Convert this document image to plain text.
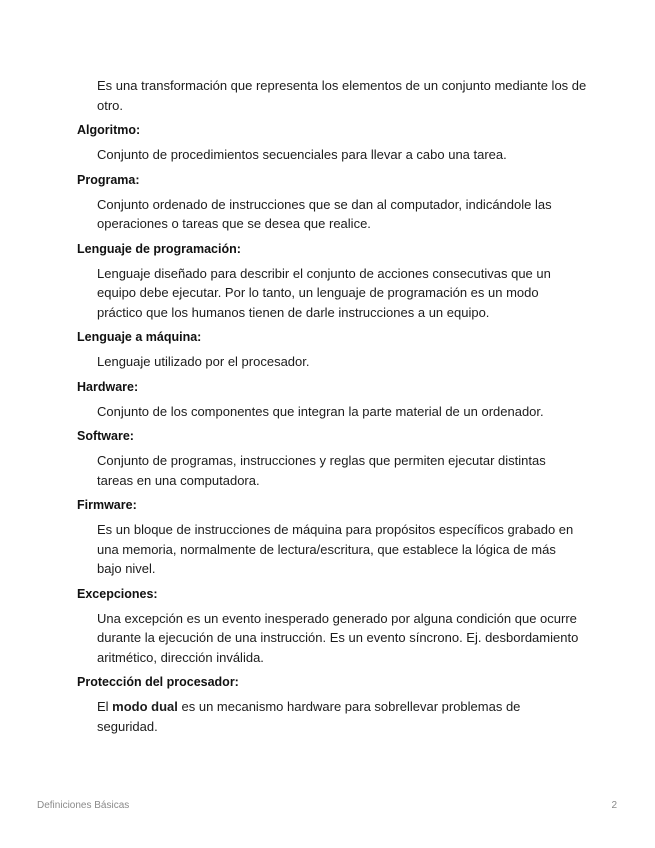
Es una transformación que representa los elementos de un conjunto mediante los de otro.

Algoritmo:

Conjunto de procedimientos secuenciales para llevar a cabo una tarea.

Programa:

Conjunto ordenado de instrucciones que se dan al computador, indicándole las operaciones o tareas que se desea que realice.

Lenguaje de programación:

Lenguaje diseñado para describir el conjunto de acciones consecutivas que un equipo debe ejecutar. Por lo tanto, un lenguaje de programación es un modo práctico que los humanos tienen de darle instrucciones a un equipo.

Lenguaje a máquina:

Lenguaje utilizado por el procesador.

Hardware:

Conjunto de los componentes que integran la parte material de un ordenador.

Software:

Conjunto de programas, instrucciones y reglas que permiten ejecutar distintas tareas en una computadora.

Firmware:

Es un bloque de instrucciones de máquina para propósitos específicos grabado en una memoria, normalmente de lectura/escritura, que establece la lógica de más bajo nivel.

Excepciones:

Una excepción es un evento inesperado generado por alguna condición que ocurre durante la ejecución de una instrucción. Es un evento síncrono. Ej. desbordamiento aritmético, dirección inválida.

Protección del procesador:

El modo dual es un mecanismo hardware para sobrellevar problemas de seguridad.

Definiciones Básicas	2
